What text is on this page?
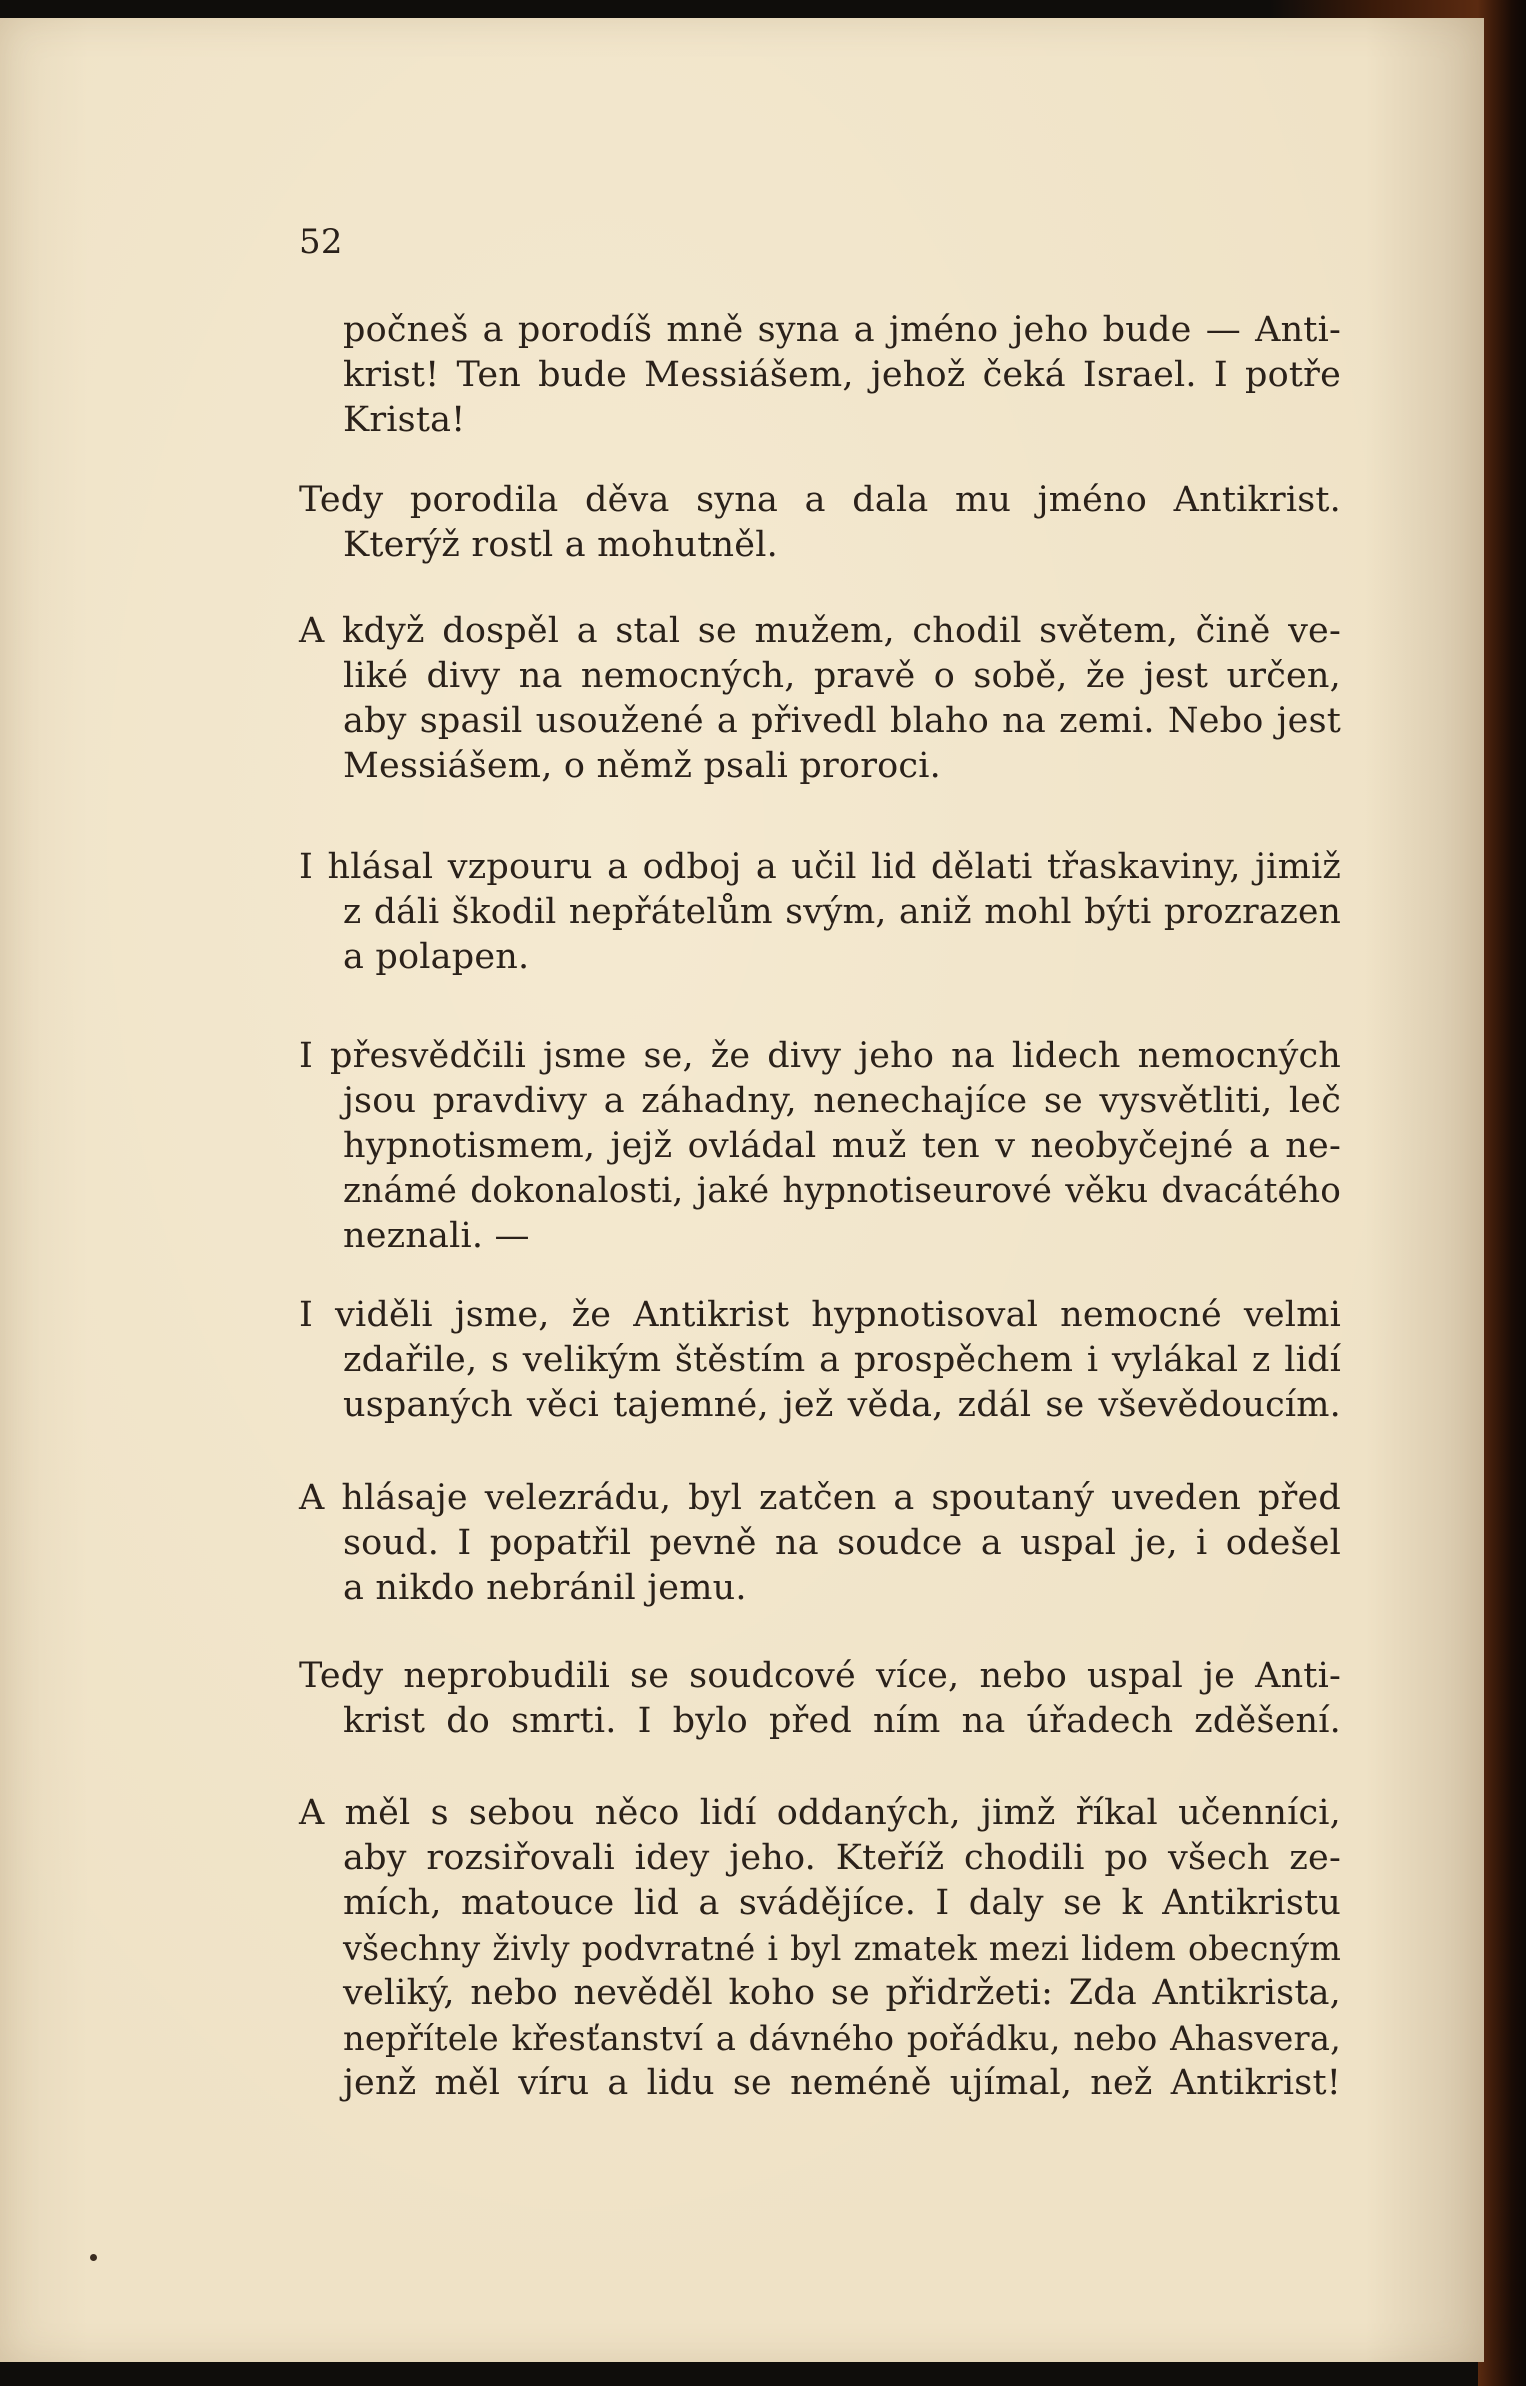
52
počneš a porodíš mně syna a jméno jeho bude — Anti-
krist! Ten bude Messiášem, jehož čeká Israel. I potře
Krista!
Tedy porodila děva syna a dala mu jméno Antikrist.
Kterýž rostl a mohutněl.
A když dospěl a stal se mužem, chodil světem, čině ve-
liké divy na nemocných, pravě o sobě, že jest určen,
aby spasil usoužené a přivedl blaho na zemi. Nebo jest
Messiášem, o němž psali proroci.
I hlásal vzpouru a odboj a učil lid dělati třaskaviny, jimiž
z dáli škodil nepřátelům svým, aniž mohl býti prozrazen
a polapen.
I přesvědčili jsme se, že divy jeho na lidech nemocných
jsou pravdivy a záhadny, nenechajíce se vysvětliti, leč
hypnotismem, jejž ovládal muž ten v neobyčejné a ne-
známé dokonalosti, jaké hypnotiseurové věku dvacátého
neznali. —
I viděli jsme, že Antikrist hypnotisoval nemocné velmi
zdařile, s velikým štěstím a prospěchem i vylákal z lidí
uspaných věci tajemné, jež věda, zdál se vševědoucím.
A hlásaje velezrádu, byl zatčen a spoutaný uveden před
soud. I popatřil pevně na soudce a uspal je, i odešel
a nikdo nebránil jemu.
Tedy neprobudili se soudcové více, nebo uspal je Anti-
krist do smrti. I bylo před ním na úřadech zděšení.
A měl s sebou něco lidí oddaných, jimž říkal učenníci,
aby rozsiřovali idey jeho. Kteříž chodili po všech ze-
mích, matouce lid a svádějíce. I daly se k Antikristu
všechny živly podvratné i byl zmatek mezi lidem obecným
veliký, nebo nevěděl koho se přidržeti: Zda Antikrista,
nepřítele křesťanství a dávného pořádku, nebo Ahasvera,
jenž měl víru a lidu se neméně ujímal, než Antikrist!
